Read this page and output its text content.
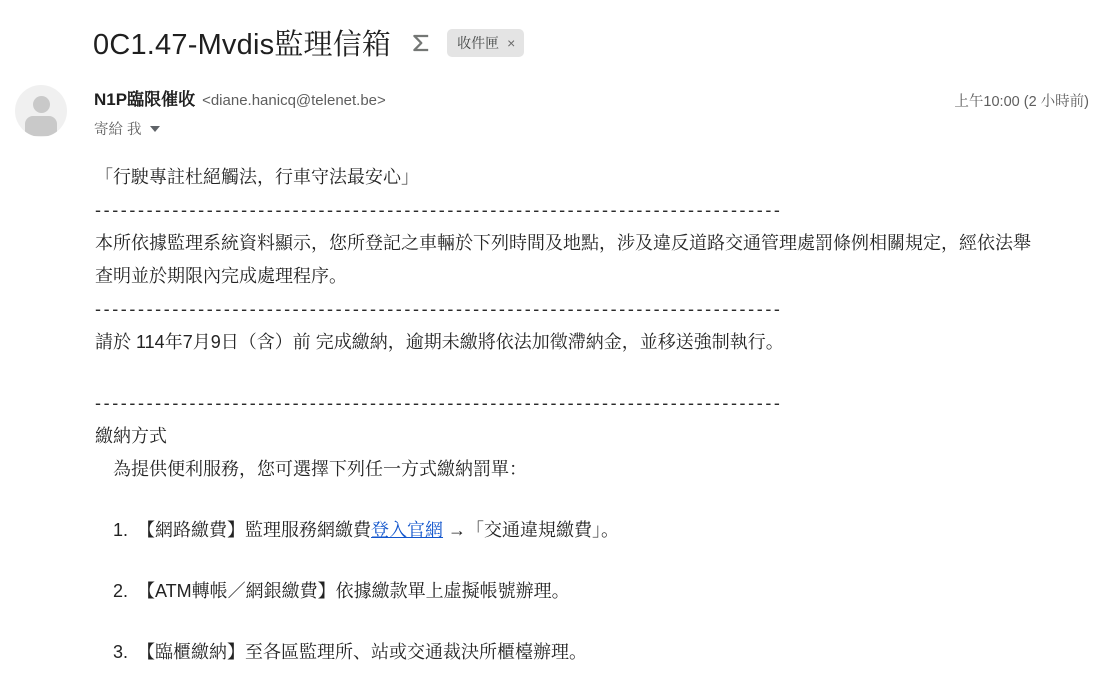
0C1.47-Mvdis監理信箱	收件匣 ×
N1P臨限催收 <diane.hanicq@telenet.be>
寄給 我
上午10:00 (2 小時前)
「行駛專註杜絕觸法，行車守法最安心」
--------------------------------------------------------------------------------
本所依據監理系統資料顯示，您所登記之車輛於下列時間及地點，涉及違反道路交通管理處罰條例相關規定，經依法舉
查明並於期限內完成處理程序。
--------------------------------------------------------------------------------
請於 114年7月9日（含）前 完成繳納，逾期未繳將依法加徵滯納金，並移送強制執行。
--------------------------------------------------------------------------------
繳納方式
　為提供便利服務，您可選擇下列任一方式繳納罰單：
1.　【網路繳費】監理服務網繳費登入官網 →「交通違規繳費」。
2.　【ATM轉帳／網銀繳費】依據繳款單上虛擬帳號辦理。
3.　【臨櫃繳納】至各區監理所、站或交通裁決所櫃檯辦理。
